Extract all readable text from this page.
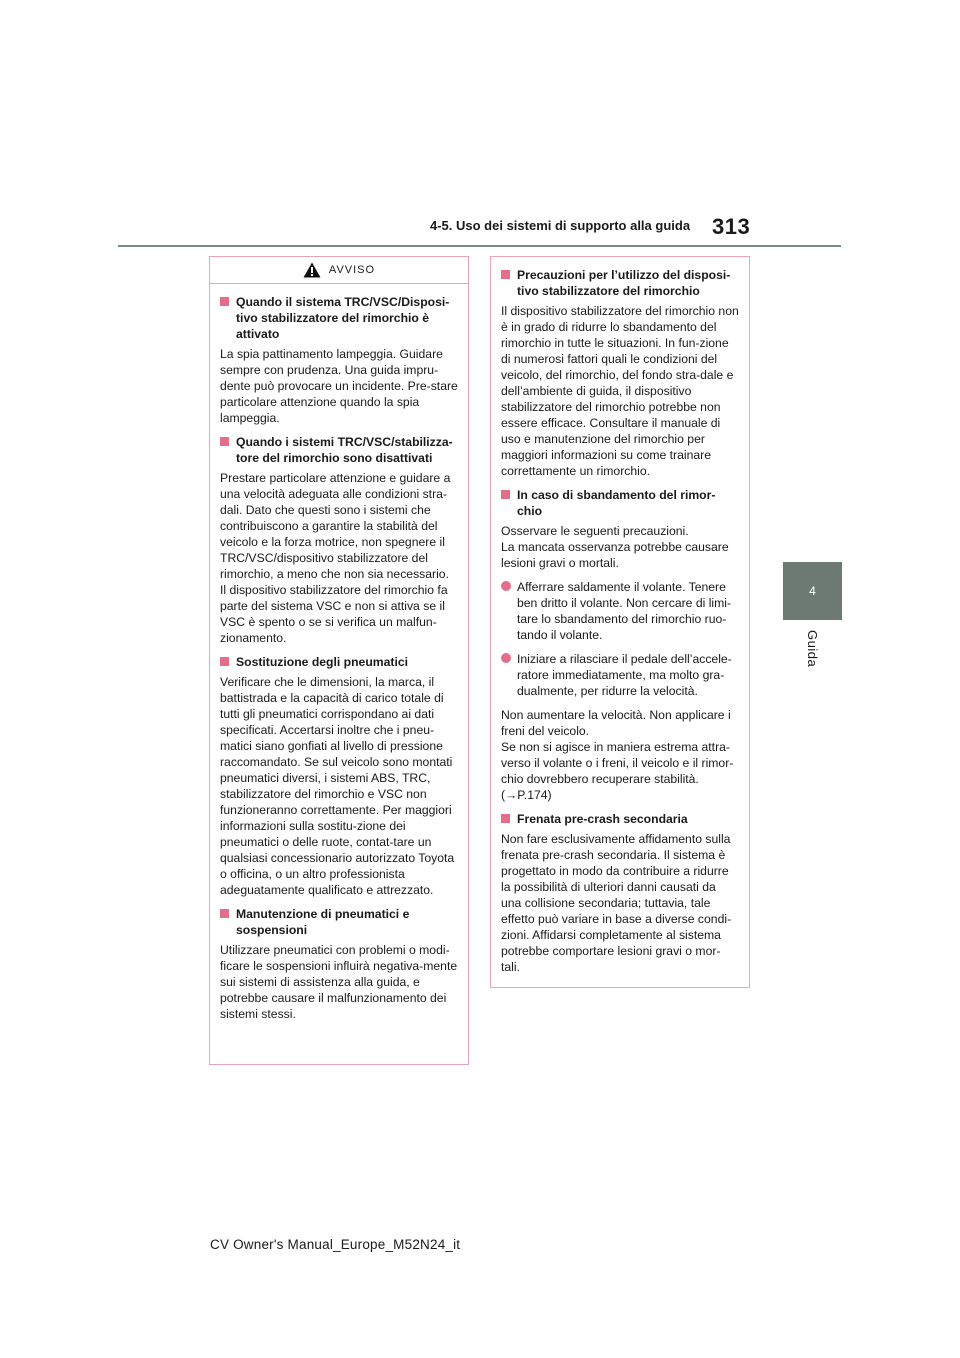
4-5. Uso dei sistemi di supporto alla guida 313
4
Guida
AVVISO
Quando il sistema TRC/VSC/Disposi-tivo stabilizzatore del rimorchio è attivato

La spia pattinamento lampeggia. Guidare sempre con prudenza. Una guida impru-dente può provocare un incidente. Pre-stare particolare attenzione quando la spia lampeggia.

Quando i sistemi TRC/VSC/stabilizza-tore del rimorchio sono disattivati

Prestare particolare attenzione e guidare a una velocità adeguata alle condizioni stra-dali. Dato che questi sono i sistemi che contribuiscono a garantire la stabilità del veicolo e la forza motrice, non spegnere il TRC/VSC/dispositivo stabilizzatore del rimorchio, a meno che non sia necessario. Il dispositivo stabilizzatore del rimorchio fa parte del sistema VSC e non si attiva se il VSC è spento o se si verifica un malfun-zionamento.

Sostituzione degli pneumatici

Verificare che le dimensioni, la marca, il battistrada e la capacità di carico totale di tutti gli pneumatici corrispondano ai dati specificati. Accertarsi inoltre che i pneu-matici siano gonfiati al livello di pressione raccomandato. Se sul veicolo sono montati pneumatici diversi, i sistemi ABS, TRC, stabilizzatore del rimorchio e VSC non funzioneranno correttamente. Per maggiori informazioni sulla sostitu-zione dei pneumatici o delle ruote, contat-tare un qualsiasi concessionario autorizzato Toyota o officina, o un altro professionista adeguatamente qualificato e attrezzato.

Manutenzione di pneumatici e sospensioni

Utilizzare pneumatici con problemi o modi-ficare le sospensioni influirà negativa-mente sui sistemi di assistenza alla guida, e potrebbe causare il malfunzionamento dei sistemi stessi.

Precauzioni per l’utilizzo del disposi-tivo stabilizzatore del rimorchio

Il dispositivo stabilizzatore del rimorchio non è in grado di ridurre lo sbandamento del rimorchio in tutte le situazioni. In fun-zione di numerosi fattori quali le condizioni del veicolo, del rimorchio, del fondo stra-dale e dell’ambiente di guida, il dispositivo stabilizzatore del rimorchio potrebbe non essere efficace. Consultare il manuale di uso e manutenzione del rimorchio per maggiori informazioni su come trainare correttamente un rimorchio.

In caso di sbandamento del rimor-chio

Osservare le seguenti precauzioni.
La mancata osservanza potrebbe causare lesioni gravi o mortali.

Afferrare saldamente il volante. Tenere ben dritto il volante. Non cercare di limi-tare lo sbandamento del rimorchio ruo-tando il volante.
Iniziare a rilasciare il pedale dell’accele-ratore immediatamente, ma molto gra-dualmente, per ridurre la velocità.

Non aumentare la velocità. Non applicare i freni del veicolo.
Se non si agisce in maniera estrema attra-verso il volante o i freni, il veicolo e il rimor-chio dovrebbero recuperare stabilità.
(→P.174)

Frenata pre-crash secondaria

Non fare esclusivamente affidamento sulla frenata pre-crash secondaria. Il sistema è progettato in modo da contribuire a ridurre la possibilità di ulteriori danni causati da una collisione secondaria; tuttavia, tale effetto può variare in base a diverse condi-zioni. Affidarsi completamente al sistema potrebbe comportare lesioni gravi o mor-tali.

CV Owner's Manual_Europe_M52N24_it
